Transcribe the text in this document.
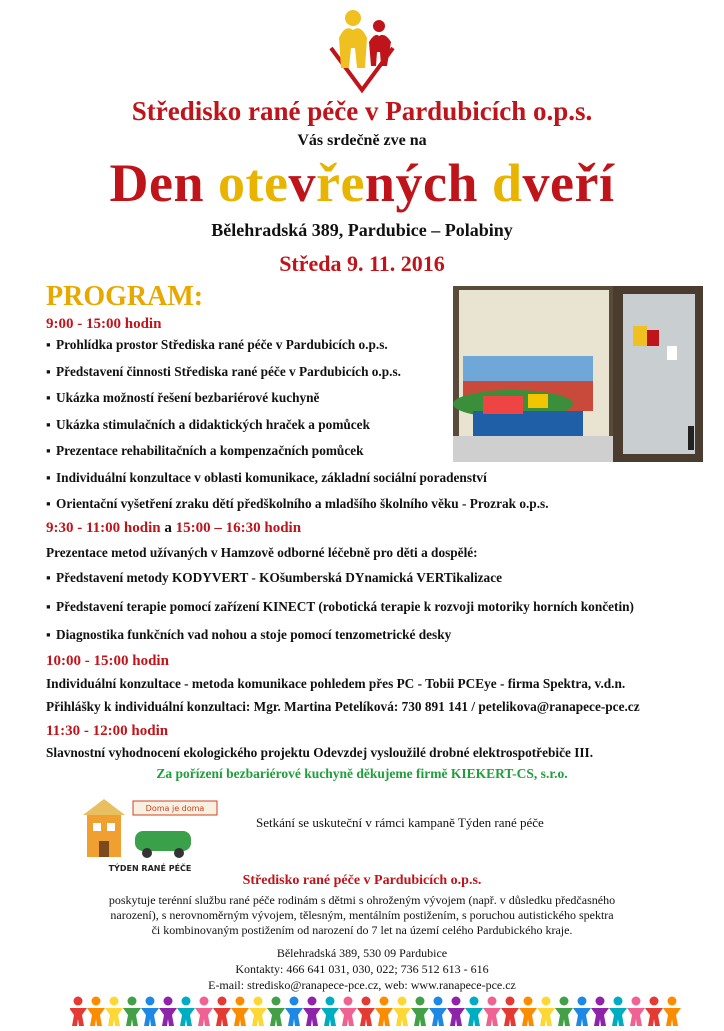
Středisko rané péče v Pardubicích o.p.s.
Vás srdečně zve na
Den otevřených dveří
Bělehradská 389, Pardubice – Polabiny
Středa 9. 11. 2016
PROGRAM:
9:00 - 15:00 hodin
▪ Prohlídka prostor Střediska rané péče v Pardubicích o.p.s.
▪ Představení činnosti Střediska rané péče v Pardubicích o.p.s.
▪ Ukázka možností řešení bezbariérové kuchyně
▪ Ukázka stimulačních a didaktických hraček a pomůcek
▪ Prezentace rehabilitačních a kompenzačních pomůcek
▪ Individuální konzultace v oblasti komunikace, základní sociální poradenství
▪ Orientační vyšetření zraku dětí předškolního a mladšího školního věku - Prozrak o.p.s.
9:30 - 11:00 hodin a 15:00 – 16:30 hodin
Prezentace metod užívaných v Hamzově odborné léčebně pro děti a dospělé:
▪ Představení metody KODYVERT - KOšumberská DYnamická VERTikalizace
▪ Představení terapie pomocí zařízení KINECT (robotická terapie k rozvoji motoriky horních končetin)
▪ Diagnostika funkčních vad nohou a stoje pomocí tenzometrické desky
10:00 - 15:00 hodin
Individuální konzultace - metoda komunikace pohledem přes PC - Tobii PCEye - firma Spektra, v.d.n.
Přihlášky k individuální konzultaci: Mgr. Martina Petelíková: 730 891 141 / petelikova@ranapece-pce.cz
11:30 - 12:00 hodin
Slavnostní vyhodnocení ekologického projektu Odevzdej vysloužilé drobné elektrospotřebiče III.
Za pořízení bezbariérové kuchyně děkujeme firmě KIEKERT-CS, s.r.o.
Doma je doma
TÝDEN RANÉ PÉČE
Setkání se uskuteční v rámci kampaně Týden rané péče
Středisko rané péče v Pardubicích o.p.s.
poskytuje terénní službu rané péče rodinám s dětmi s ohroženým vývojem (např. v důsledku předčasného
narození), s nerovnoměrným vývojem, tělesným, mentálním postižením, s poruchou autistického spektra
či kombinovaným postižením od narození do 7 let na území celého Pardubického kraje.
Bělehradská 389, 530 09 Pardubice
Kontakty: 466 641 031, 030, 022; 736 512 613 - 616
E-mail: stredisko@ranapece-pce.cz, web: www.ranapece-pce.cz
